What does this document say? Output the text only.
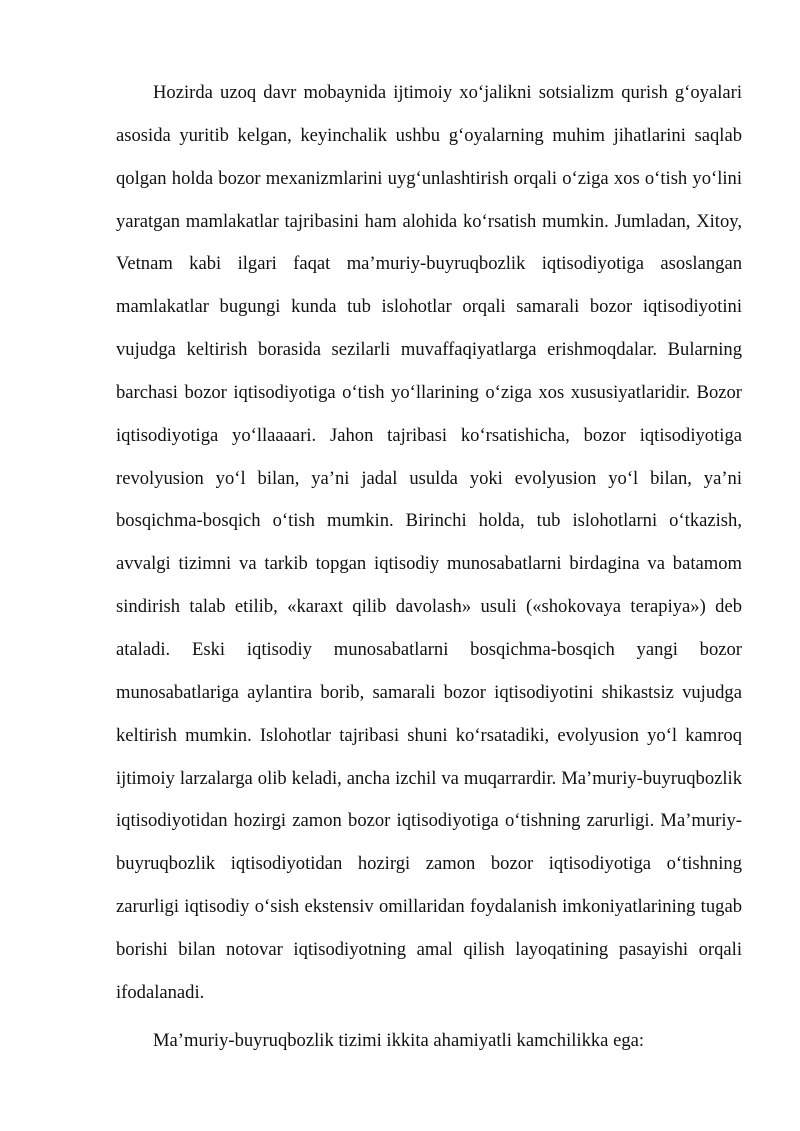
Hozirda uzoq davr mobaynida ijtimoiy xo‘jalikni sotsializm qurish g‘oyalari asosida yuritib kelgan, keyinchalik ushbu g‘oyalarning muhim jihatlarini saqlab qolgan holda bozor mexanizmlarini uyg‘unlashtirish orqali o‘ziga xos o‘tish yo‘lini yaratgan mamlakatlar tajribasini ham alohida ko‘rsatish mumkin. Jumladan, Xitoy, Vetnam kabi ilgari faqat ma’muriy-buyruqbozlik iqtisodiyotiga asoslangan mamlakatlar bugungi kunda tub islohotlar orqali samarali bozor iqtisodiyotini vujudga keltirish borasida sezilarli muvaffaqiyatlarga erishmoqdalar. Bularning barchasi bozor iqtisodiyotiga o‘tish yo‘llarining o‘ziga xos xususiyatlaridir. Bozor iqtisodiyotiga yo‘llaaaari. Jahon tajribasi ko‘rsatishicha, bozor iqtisodiyotiga revolyusion yo‘l bilan, ya’ni jadal usulda yoki evolyusion yo‘l bilan, ya’ni bosqichma-bosqich o‘tish mumkin. Birinchi holda, tub islohotlarni o‘tkazish, avvalgi tizimni va tarkib topgan iqtisodiy munosabatlarni birdagina va batamom sindirish talab etilib, «karaxt qilib davolash» usuli («shokovaya terapiya») deb ataladi. Eski iqtisodiy munosabatlarni bosqichma-bosqich yangi bozor munosabatlariga aylantira borib, samarali bozor iqtisodiyotini shikastsiz vujudga keltirish mumkin. Islohotlar tajribasi shuni ko‘rsatadiki, evolyusion yo‘l kamroq ijtimoiy larzalarga olib keladi, ancha izchil va muqarrardir. Ma’muriy-buyruqbozlik iqtisodiyotidan hozirgi zamon bozor iqtisodiyotiga o‘tishning zarurligi. Ma’muriy-buyruqbozlik iqtisodiyotidan hozirgi zamon bozor iqtisodiyotiga o‘tishning zarurligi iqtisodiy o‘sish ekstensiv omillaridan foydalanish imkoniyatlarining tugab borishi bilan notovar iqtisodiyotning amal qilish layoqatining pasayishi orqali ifodalanadi.

Ma’muriy-buyruqbozlik tizimi ikkita ahamiyatli kamchilikka ega:
